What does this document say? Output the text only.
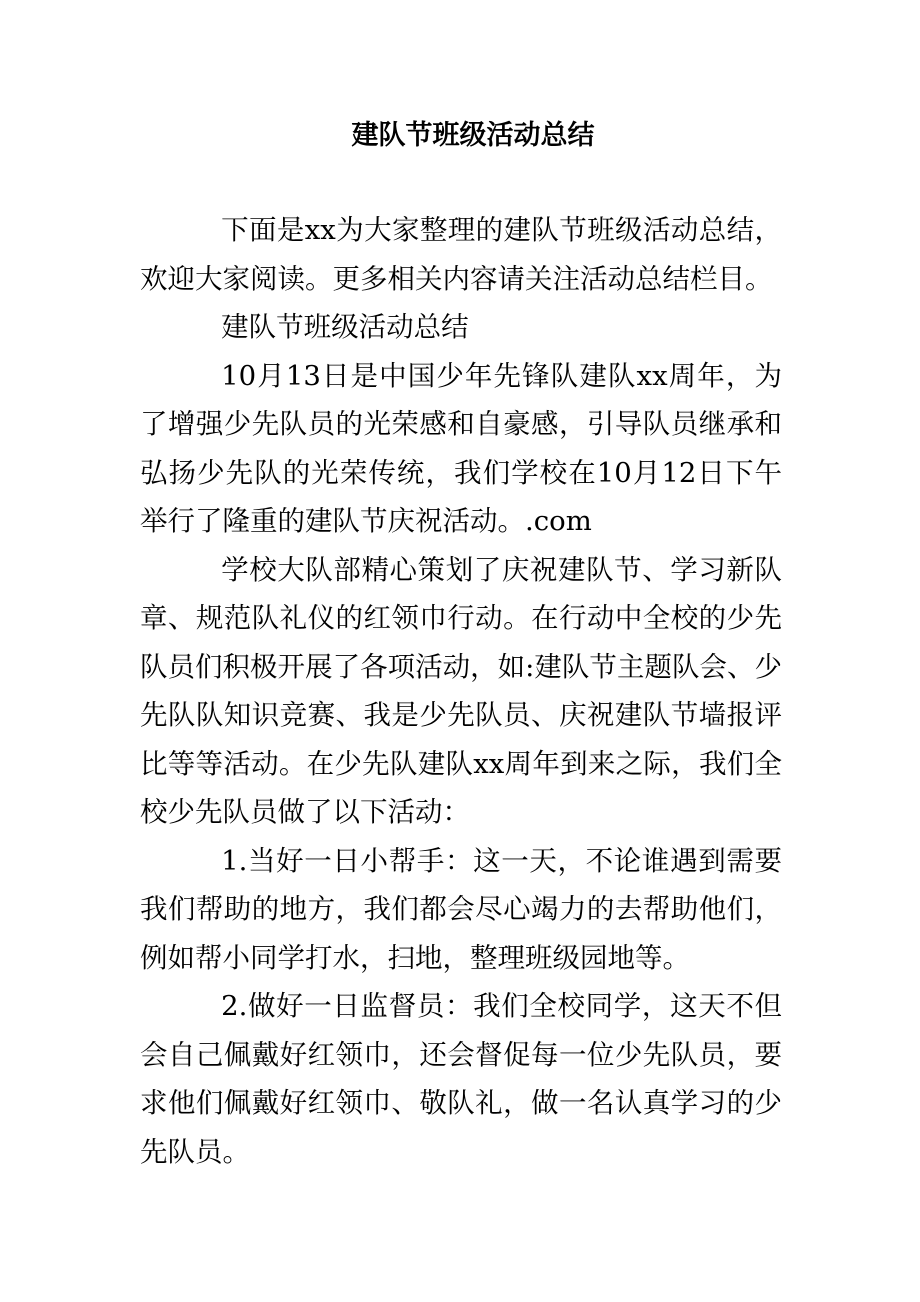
建队节班级活动总结

下面是xx为大家整理的建队节班级活动总结，欢迎大家阅读。更多相关内容请关注活动总结栏目。

建队节班级活动总结

10月13日是中国少年先锋队建队xx周年，为了增强少先队员的光荣感和自豪感，引导队员继承和弘扬少先队的光荣传统，我们学校在10月12日下午举行了隆重的建队节庆祝活动。.com

学校大队部精心策划了庆祝建队节、学习新队章、规范队礼仪的红领巾行动。在行动中全校的少先队员们积极开展了各项活动，如:建队节主题队会、少先队队知识竞赛、我是少先队员、庆祝建队节墙报评比等等活动。在少先队建队xx周年到来之际，我们全校少先队员做了以下活动：

1.当好一日小帮手：这一天，不论谁遇到需要我们帮助的地方，我们都会尽心竭力的去帮助他们，例如帮小同学打水，扫地，整理班级园地等。

2.做好一日监督员：我们全校同学，这天不但会自己佩戴好红领巾，还会督促每一位少先队员，要求他们佩戴好红领巾、敬队礼，做一名认真学习的少先队员。
